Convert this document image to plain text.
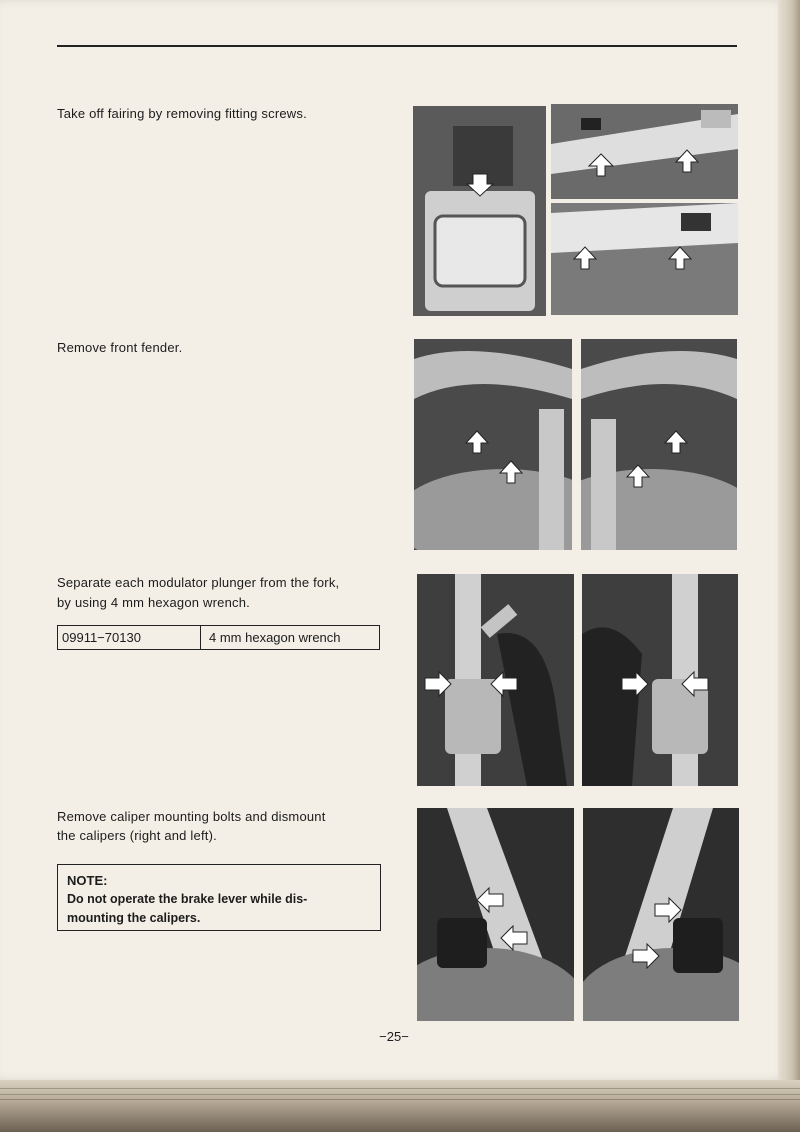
Take off fairing by removing fitting screws.
Remove front fender.
Separate each modulator plunger from the fork,
by using 4 mm hexagon wrench.
09911−70130	4 mm hexagon wrench
Remove caliper mounting bolts and dismount
the calipers (right and left).
NOTE:
Do not operate the brake lever while dis-
mounting the calipers.
−25−
